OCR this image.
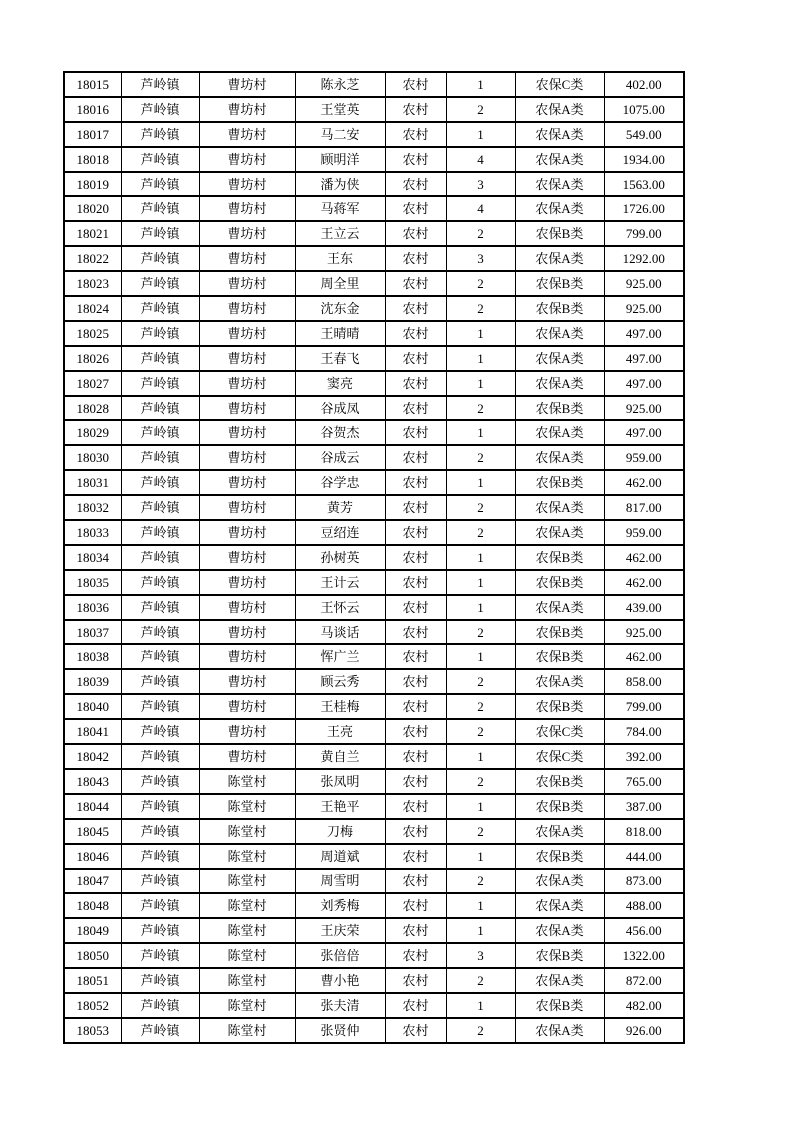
18015	芦岭镇	曹坊村	陈永芝	农村	1	农保C类	402.00
18016	芦岭镇	曹坊村	王堂英	农村	2	农保A类	1075.00
18017	芦岭镇	曹坊村	马二安	农村	1	农保A类	549.00
18018	芦岭镇	曹坊村	顾明洋	农村	4	农保A类	1934.00
18019	芦岭镇	曹坊村	潘为侠	农村	3	农保A类	1563.00
18020	芦岭镇	曹坊村	马蒋军	农村	4	农保A类	1726.00
18021	芦岭镇	曹坊村	王立云	农村	2	农保B类	799.00
18022	芦岭镇	曹坊村	王东	农村	3	农保A类	1292.00
18023	芦岭镇	曹坊村	周全里	农村	2	农保B类	925.00
18024	芦岭镇	曹坊村	沈东金	农村	2	农保B类	925.00
18025	芦岭镇	曹坊村	王晴晴	农村	1	农保A类	497.00
18026	芦岭镇	曹坊村	王春飞	农村	1	农保A类	497.00
18027	芦岭镇	曹坊村	窦亮	农村	1	农保A类	497.00
18028	芦岭镇	曹坊村	谷成凤	农村	2	农保B类	925.00
18029	芦岭镇	曹坊村	谷贺杰	农村	1	农保A类	497.00
18030	芦岭镇	曹坊村	谷成云	农村	2	农保A类	959.00
18031	芦岭镇	曹坊村	谷学忠	农村	1	农保B类	462.00
18032	芦岭镇	曹坊村	黄芳	农村	2	农保A类	817.00
18033	芦岭镇	曹坊村	豆绍连	农村	2	农保A类	959.00
18034	芦岭镇	曹坊村	孙树英	农村	1	农保B类	462.00
18035	芦岭镇	曹坊村	王计云	农村	1	农保B类	462.00
18036	芦岭镇	曹坊村	王怀云	农村	1	农保A类	439.00
18037	芦岭镇	曹坊村	马谈话	农村	2	农保B类	925.00
18038	芦岭镇	曹坊村	恽广兰	农村	1	农保B类	462.00
18039	芦岭镇	曹坊村	顾云秀	农村	2	农保A类	858.00
18040	芦岭镇	曹坊村	王桂梅	农村	2	农保B类	799.00
18041	芦岭镇	曹坊村	王亮	农村	2	农保C类	784.00
18042	芦岭镇	曹坊村	黄自兰	农村	1	农保C类	392.00
18043	芦岭镇	陈堂村	张凤明	农村	2	农保B类	765.00
18044	芦岭镇	陈堂村	王艳平	农村	1	农保B类	387.00
18045	芦岭镇	陈堂村	刀梅	农村	2	农保A类	818.00
18046	芦岭镇	陈堂村	周道斌	农村	1	农保B类	444.00
18047	芦岭镇	陈堂村	周雪明	农村	2	农保A类	873.00
18048	芦岭镇	陈堂村	刘秀梅	农村	1	农保A类	488.00
18049	芦岭镇	陈堂村	王庆荣	农村	1	农保A类	456.00
18050	芦岭镇	陈堂村	张倍倍	农村	3	农保B类	1322.00
18051	芦岭镇	陈堂村	曹小艳	农村	2	农保A类	872.00
18052	芦岭镇	陈堂村	张夫清	农村	1	农保B类	482.00
18053	芦岭镇	陈堂村	张贤仲	农村	2	农保A类	926.00
